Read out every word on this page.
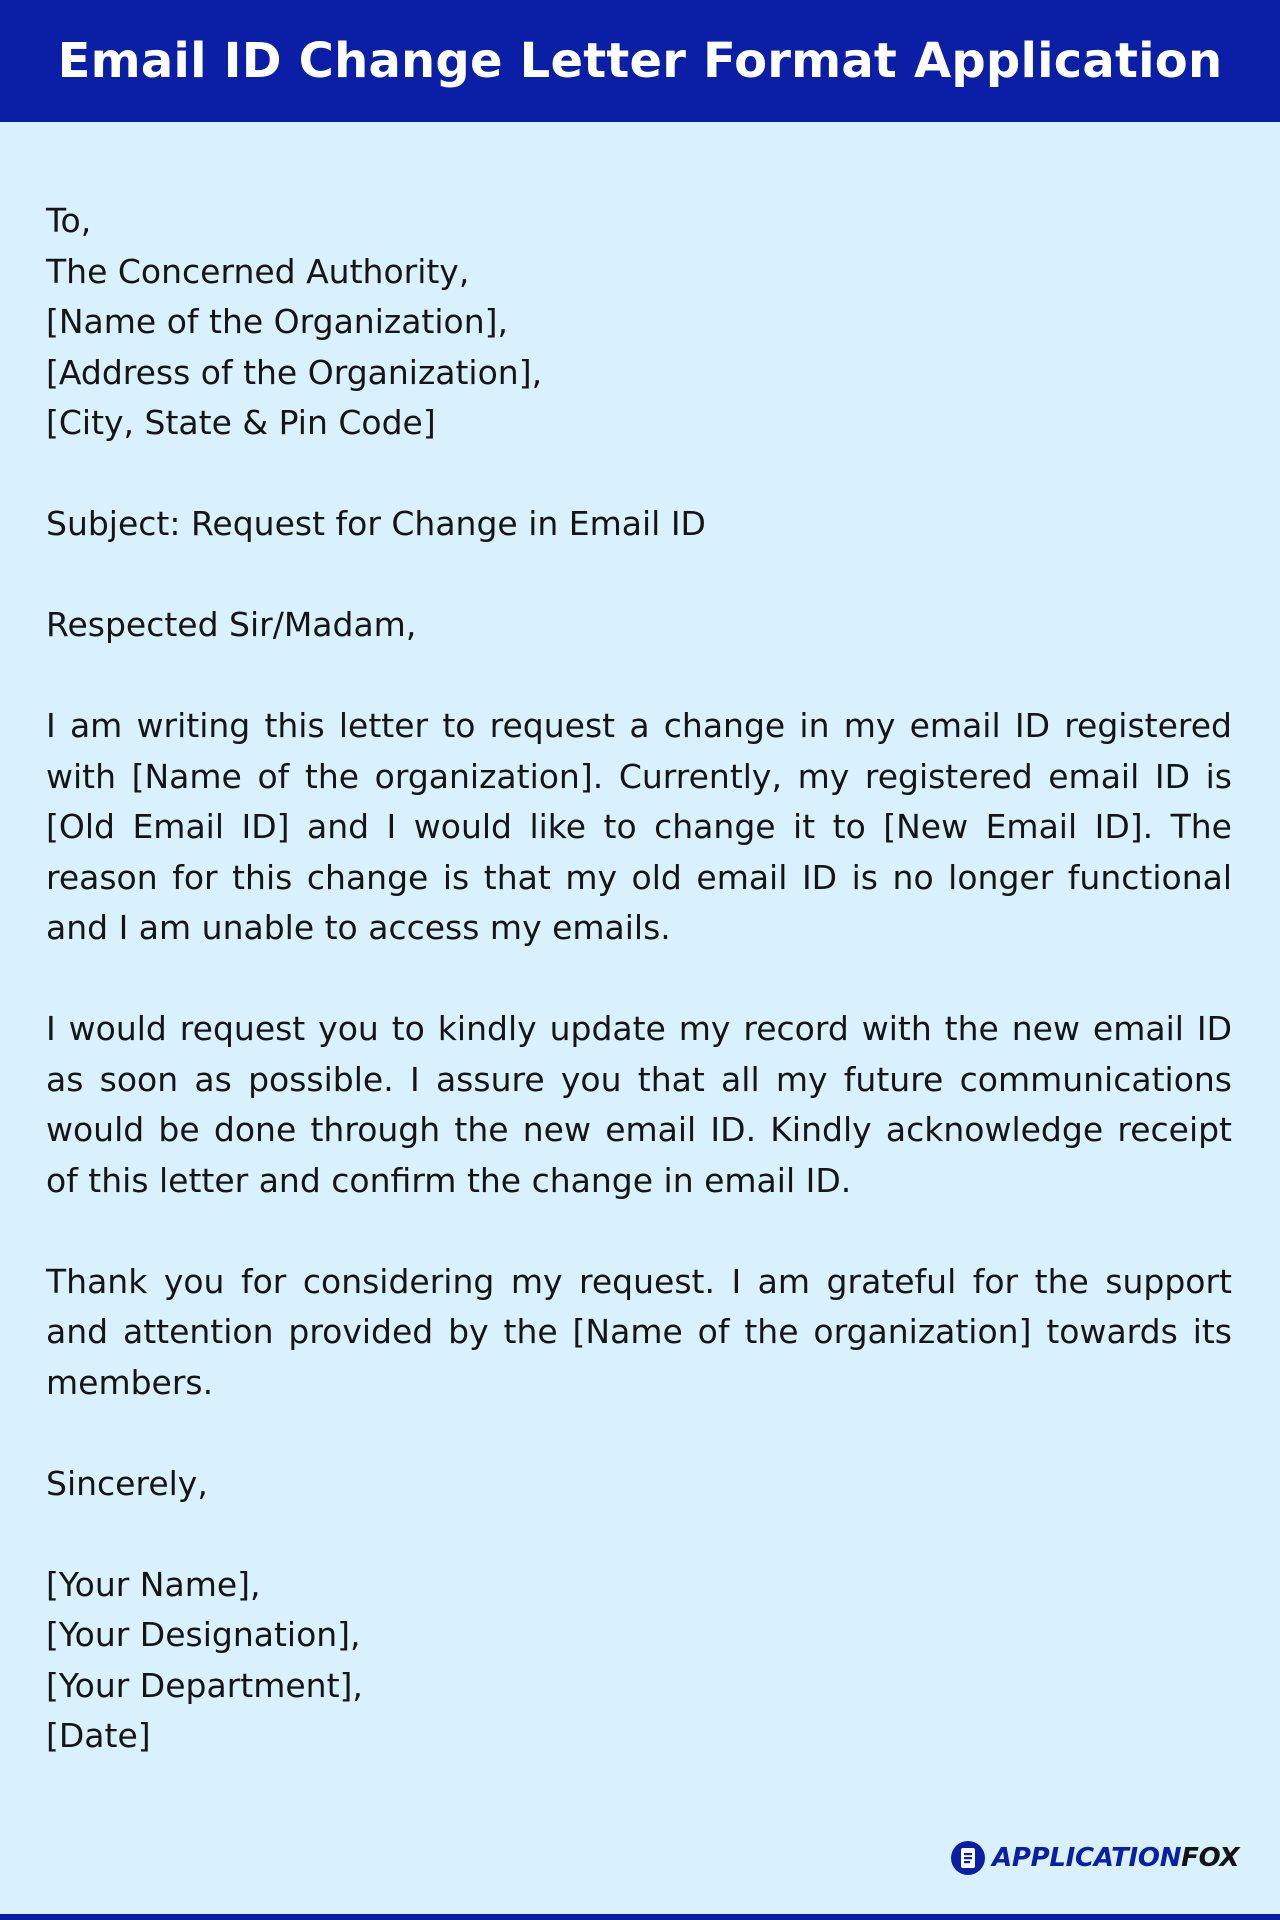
Email ID Change Letter Format Application
To,
The Concerned Authority,
[Name of the Organization],
[Address of the Organization],
[City, State & Pin Code]

Subject: Request for Change in Email ID

Respected Sir/Madam,

I am writing this letter to request a change in my email ID registered with [Name of the organization]. Currently, my registered email ID is [Old Email ID] and I would like to change it to [New Email ID]. The reason for this change is that my old email ID is no longer functional and I am unable to access my emails.

I would request you to kindly update my record with the new email ID as soon as possible. I assure you that all my future communications would be done through the new email ID. Kindly acknowledge receipt of this letter and confirm the change in email ID.

Thank you for considering my request. I am grateful for the support and attention provided by the [Name of the organization] towards its members.

Sincerely,

[Your Name],
[Your Designation],
[Your Department],
[Date]
APPLICATIONFOX
